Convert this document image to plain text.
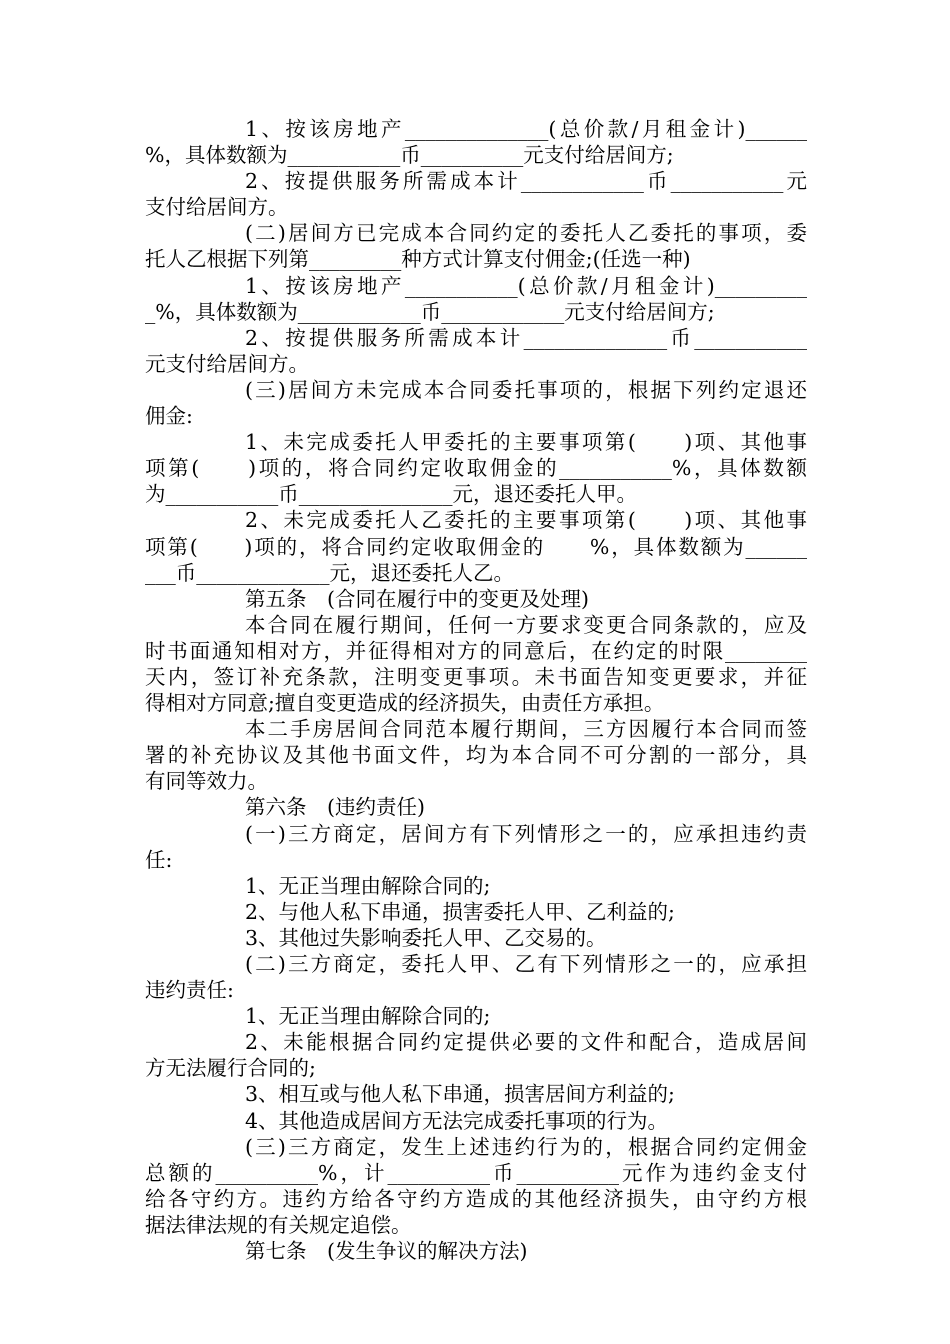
1、按该房地产______________(总价款/月租金计)______
%，具体数额为___________币__________元支付给居间方;
2、按提供服务所需成本计____________币___________元
支付给居间方。
(二)居间方已完成本合同约定的委托人乙委托的事项，委
托人乙根据下列第_________种方式计算支付佣金;(任选一种)
1、按该房地产___________(总价款/月租金计)_________
_%，具体数额为____________币____________元支付给居间方;
2、按提供服务所需成本计______________币___________
元支付给居间方。
(三)居间方未完成本合同委托事项的，根据下列约定退还
佣金:
1、未完成委托人甲委托的主要事项第(　　)项、其他事
项第(　　)项的，将合同约定收取佣金的___________%，具体数额
为___________币_______________元，退还委托人甲。
2、未完成委托人乙委托的主要事项第(　　)项、其他事
项第(　　)项的，将合同约定收取佣金的　　%，具体数额为______
___币_____________元，退还委托人乙。
第五条　(合同在履行中的变更及处理)
本合同在履行期间，任何一方要求变更合同条款的，应及
时书面通知相对方，并征得相对方的同意后，在约定的时限________
天内，签订补充条款，注明变更事项。未书面告知变更要求，并征
得相对方同意;擅自变更造成的经济损失，由责任方承担。
本二手房居间合同范本履行期间，三方因履行本合同而签
署的补充协议及其他书面文件，均为本合同不可分割的一部分，具
有同等效力。
第六条　(违约责任)
(一)三方商定，居间方有下列情形之一的，应承担违约责
任:
1、无正当理由解除合同的;
2、与他人私下串通，损害委托人甲、乙利益的;
3、其他过失影响委托人甲、乙交易的。
(二)三方商定，委托人甲、乙有下列情形之一的，应承担
违约责任:
1、无正当理由解除合同的;
2、未能根据合同约定提供必要的文件和配合，造成居间
方无法履行合同的;
3、相互或与他人私下串通，损害居间方利益的;
4、其他造成居间方无法完成委托事项的行为。
(三)三方商定，发生上述违约行为的，根据合同约定佣金
总额的__________%，计__________币__________元作为违约金支付
给各守约方。违约方给各守约方造成的其他经济损失，由守约方根
据法律法规的有关规定追偿。
第七条　(发生争议的解决方法)
